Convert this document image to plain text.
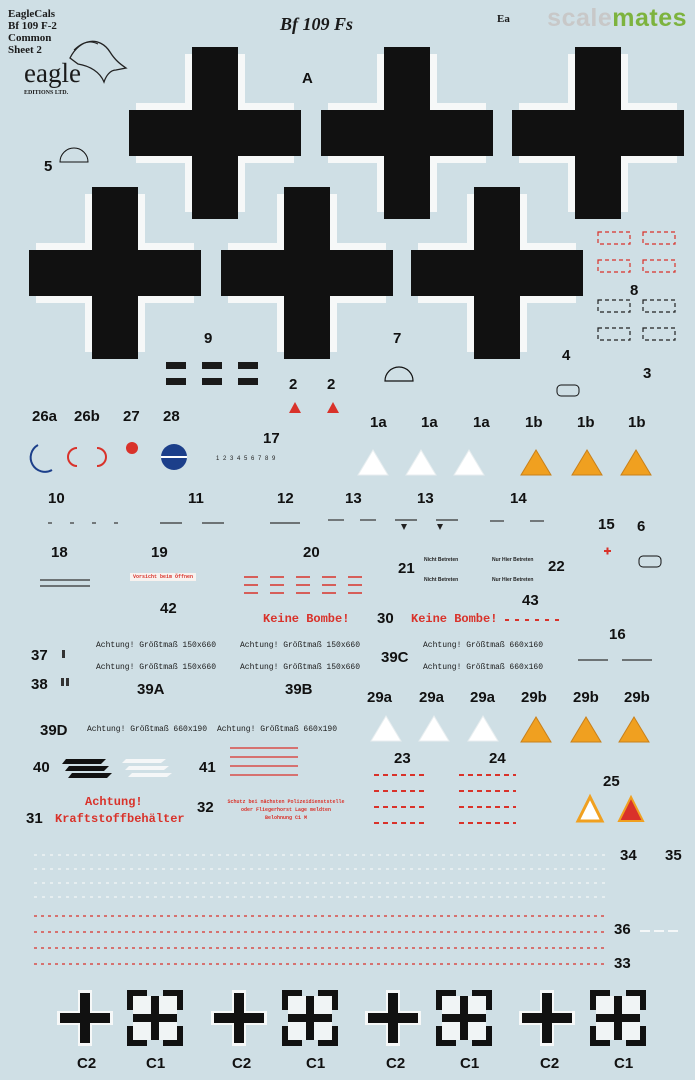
scalemates
Ea
EagleCals
Bf 109 F-2
Common
Sheet 2
eagle
EDITIONS LTD.
Bf 109 Fs
A
5
9	7
8
4
3
2 2
26a 26b 27 28
17
1a 1a 1a 1b 1b 1b
10	11	12	13	13	14
15 6
18	19	20
21	22
42
30
43
16
37
38	39A	39B
39C
39D
29a 29a 29a 29b 29b 29b
40	41
23	24
25
31
32
34 35
36
33
C2	C1	C2	C1	C2	C1	C2	C1
Achtung! Größtmaß 150x660
Achtung! Größtmaß 150x660
Achtung! Größtmaß 150x660
Achtung! Größtmaß 150x660
Achtung! Größtmaß 660x160
Achtung! Größtmaß 660x160
Achtung! Größtmaß 660x190 Achtung! Größtmaß 660x190
Keine Bombe!	Keine Bombe!
Achtung!
Kraftstoffbehälter
Schutz bei nächsten Polizeidienststelle oder Fliegerhorst Lage meldten Belohnung C1 M
Vorsicht beim Öffnen
Nicht Betreten
Nicht Betreten
Nur Hier Betreten
Nur Hier Betreten
1 2 3 4 5 6 7 8 9
